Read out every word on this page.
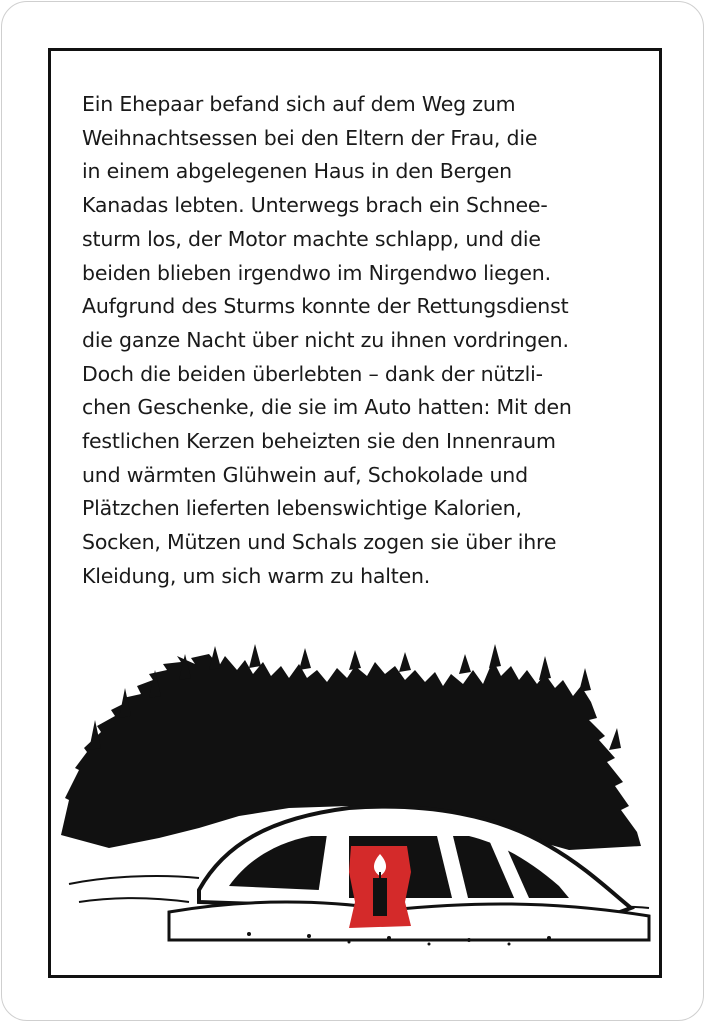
Ein Ehepaar befand sich auf dem Weg zum
Weihnachtsessen bei den Eltern der Frau, die
in einem abgelegenen Haus in den Bergen
Kanadas lebten. Unterwegs brach ein Schnee-
sturm los, der Motor machte schlapp, und die
beiden blieben irgendwo im Nirgendwo liegen.
Aufgrund des Sturms konnte der Rettungsdienst
die ganze Nacht über nicht zu ihnen vordringen.
Doch die beiden überlebten – dank der nützli-
chen Geschenke, die sie im Auto hatten: Mit den
festlichen Kerzen beheizten sie den Innenraum
und wärmten Glühwein auf, Schokolade und
Plätzchen lieferten lebenswichtige Kalorien,
Socken, Mützen und Schals zogen sie über ihre
Kleidung, um sich warm zu halten.
